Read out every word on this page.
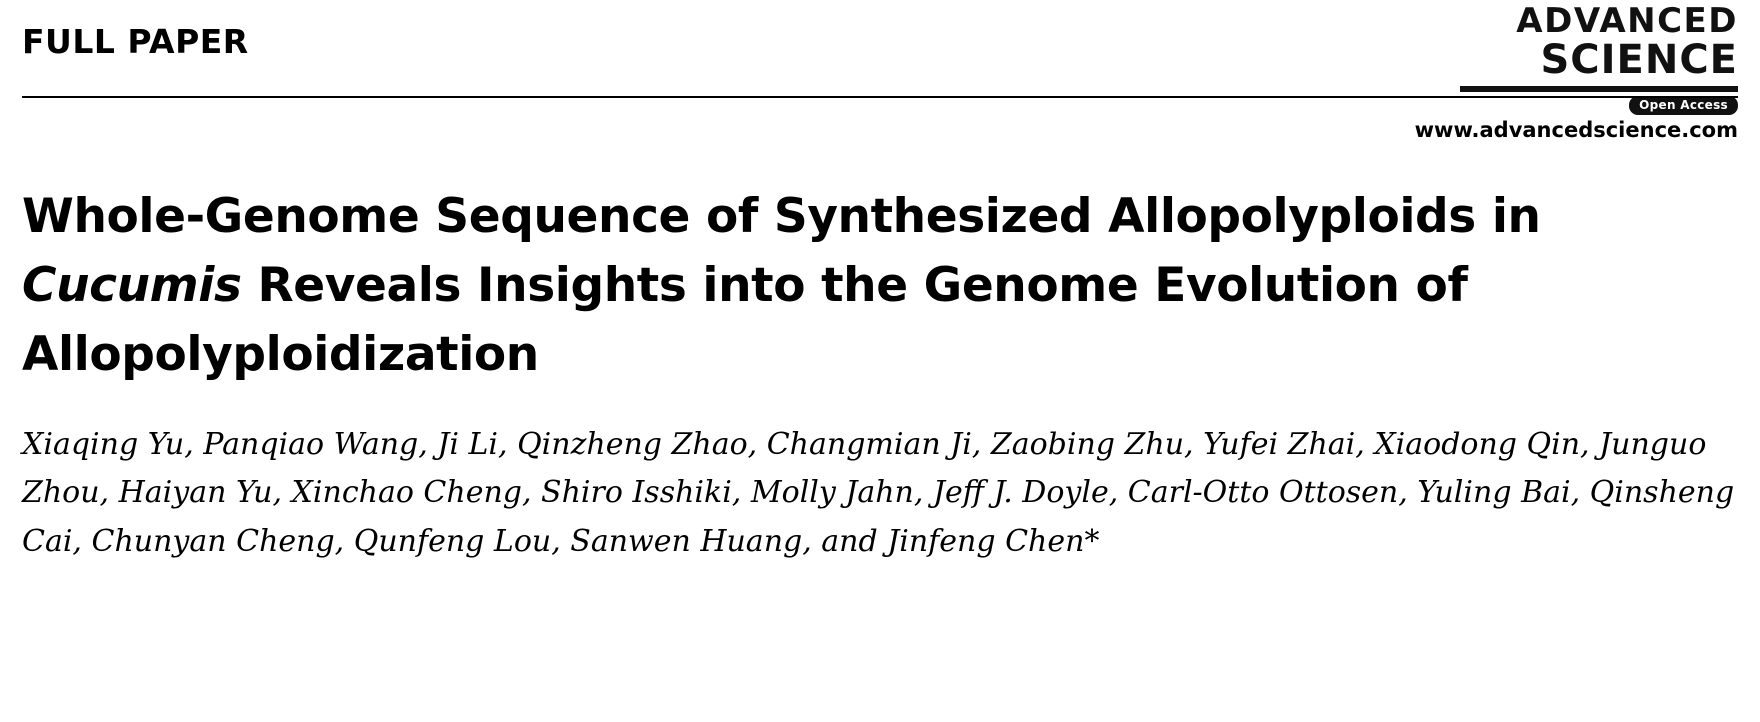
FULL PAPER
ADVANCED
SCIENCE
Open Access
www.advancedscience.com
Whole-Genome Sequence of Synthesized Allopolyploids in Cucumis Reveals Insights into the Genome Evolution of Allopolyploidization
Xiaqing Yu, Panqiao Wang, Ji Li, Qinzheng Zhao, Changmian Ji, Zaobing Zhu, Yufei Zhai, Xiaodong Qin, Junguo Zhou, Haiyan Yu, Xinchao Cheng, Shiro Isshiki, Molly Jahn, Jeff J. Doyle, Carl-Otto Ottosen, Yuling Bai, Qinsheng Cai, Chunyan Cheng, Qunfeng Lou, Sanwen Huang, and Jinfeng Chen*
